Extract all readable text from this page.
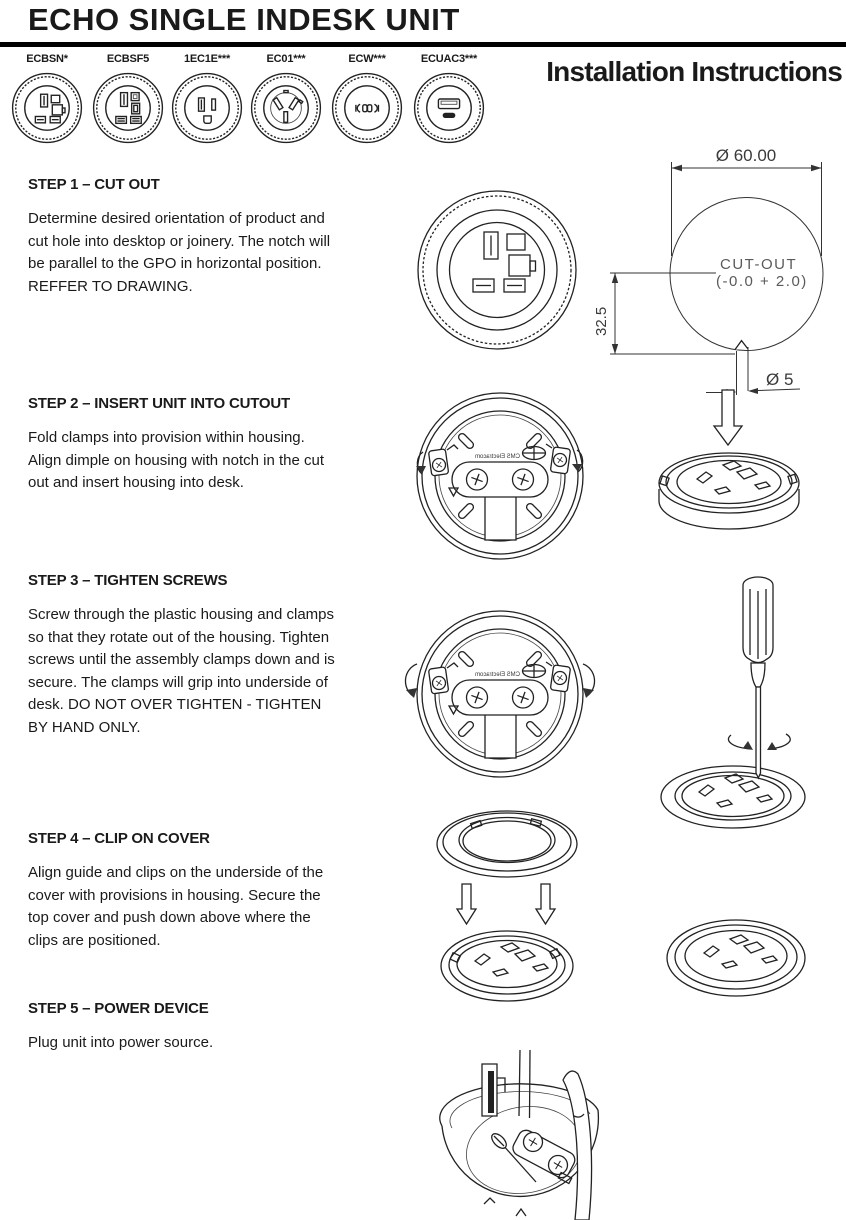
CMS Electracom
ECHO SINGLE INDESK UNIT
Installation Instructions
ECBSN*	ECBSF5	1EC1E***	EC01***	ECW***	ECUAC3***
STEP 1 – CUT OUT

Determine desired orientation of product and cut hole into desktop or joinery. The notch will be parallel to the GPO in horizontal position. REFFER TO DRAWING.

STEP 2 – INSERT UNIT INTO CUTOUT

Fold clamps into provision within housing. Align dimple on housing with notch in the cut out and insert housing into desk.

STEP 3 – TIGHTEN SCREWS

Screw through the plastic housing and clamps so that they rotate out of the housing. Tighten screws until the assembly clamps down and is secure. The clamps will grip into underside of desk. DO NOT OVER TIGHTEN - TIGHTEN BY HAND ONLY.

STEP 4 – CLIP ON COVER

Align guide and clips on the underside of the cover with provisions in housing. Secure the top cover and push down above where the clips are positioned.

STEP 5 – POWER DEVICE

Plug unit into power source.

Ø 60.00
32.5
CUT-OUT
(-0.0 + 2.0)
Ø 5
